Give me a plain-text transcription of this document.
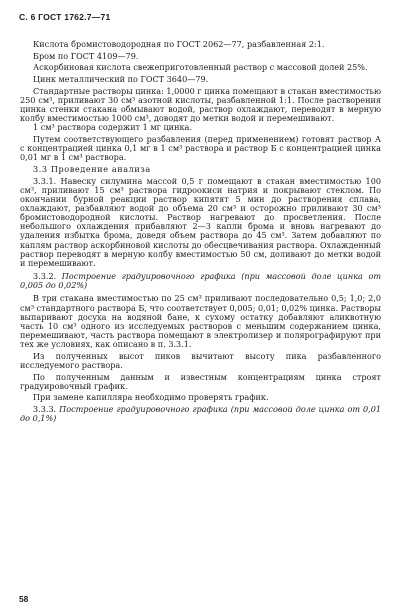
С. 6 ГОСТ 1762.7—71

Кислота бромистоводородная по ГОСТ 2062—77, разбавленная 2:1.

Бром по ГОСТ 4109—79.

Аскорбиновая кислота свежеприготовленный раствор с массовой долей 25%.

Цинк металлический по ГОСТ 3640—79.

Стандартные растворы цинка: 1,0000 г цинка помещают в стакан вместимостью 250 см³, приливают 30 см³ азотной кислоты, разбавленной 1:1. После растворения цинка стенки стакана обмывают водой, раствор охлаждают, переводят в мерную колбу вместимостью 1000 см³, доводят до метки водой и перемешивают.

1 см³ раствора содержит 1 мг цинка.

Путем соответствующего разбавления (перед применением) готовят раствор А с концентрацией цинка 0,1 мг в 1 см³ раствора и раствор Б с концентрацией цинка 0,01 мг в 1 см³ раствора.

3.3 Проведение анализа

3.3.1. Навеску силумина массой 0,5 г помещают в стакан вместимостью 100 см³, приливают 15 см³ раствора гидроокиси натрия и покрывают стеклом. По окончании бурной реакции раствор кипятят 5 мин до растворения сплава, охлаждают, разбавляют водой до объема 20 см³ и осторожно приливают 30 см³ бромистоводородной кислоты. Раствор нагревают до просветления. После небольшого охлаждения прибавляют 2—3 капли брома и вновь нагревают до удаления избытка брома, доведя объем раствора до 45 см³. Затем добавляют по каплям раствор аскорбиновой кислоты до обесцвечивания раствора. Охлажденный раствор переводят в мерную колбу вместимостью 50 см, доливают до метки водой и перемешивают.

3.3.2. Построение градуировочного графика (при массовой доле цинка от 0,005 до 0,02%)

В три стакана вместимостью по 25 см³ приливают последовательно 0,5; 1,0; 2,0 см³ стандартного раствора Б, что соответствует 0,005; 0,01; 0,02% цинка. Растворы выпаривают досуха на водяной бане, к сухому остатку добавляют аликвотную часть 10 см³ одного из исследуемых растворов с меньшим содержанием цинка, перемешивают, часть раствора помещают в электролизер и полярографируют при тех же условиях, как описано в п. 3.3.1.

Из полученных высот пиков вычитают высоту пика разбавленного исследуемого раствора.

По полученным данным и известным концентрациям цинка строят градуировочный график.

При замене капилляра необходимо проверять график.

3.3.3. Построение градуировочного графика (при массовой доле цинка от 0,01 до 0,1%)

58
